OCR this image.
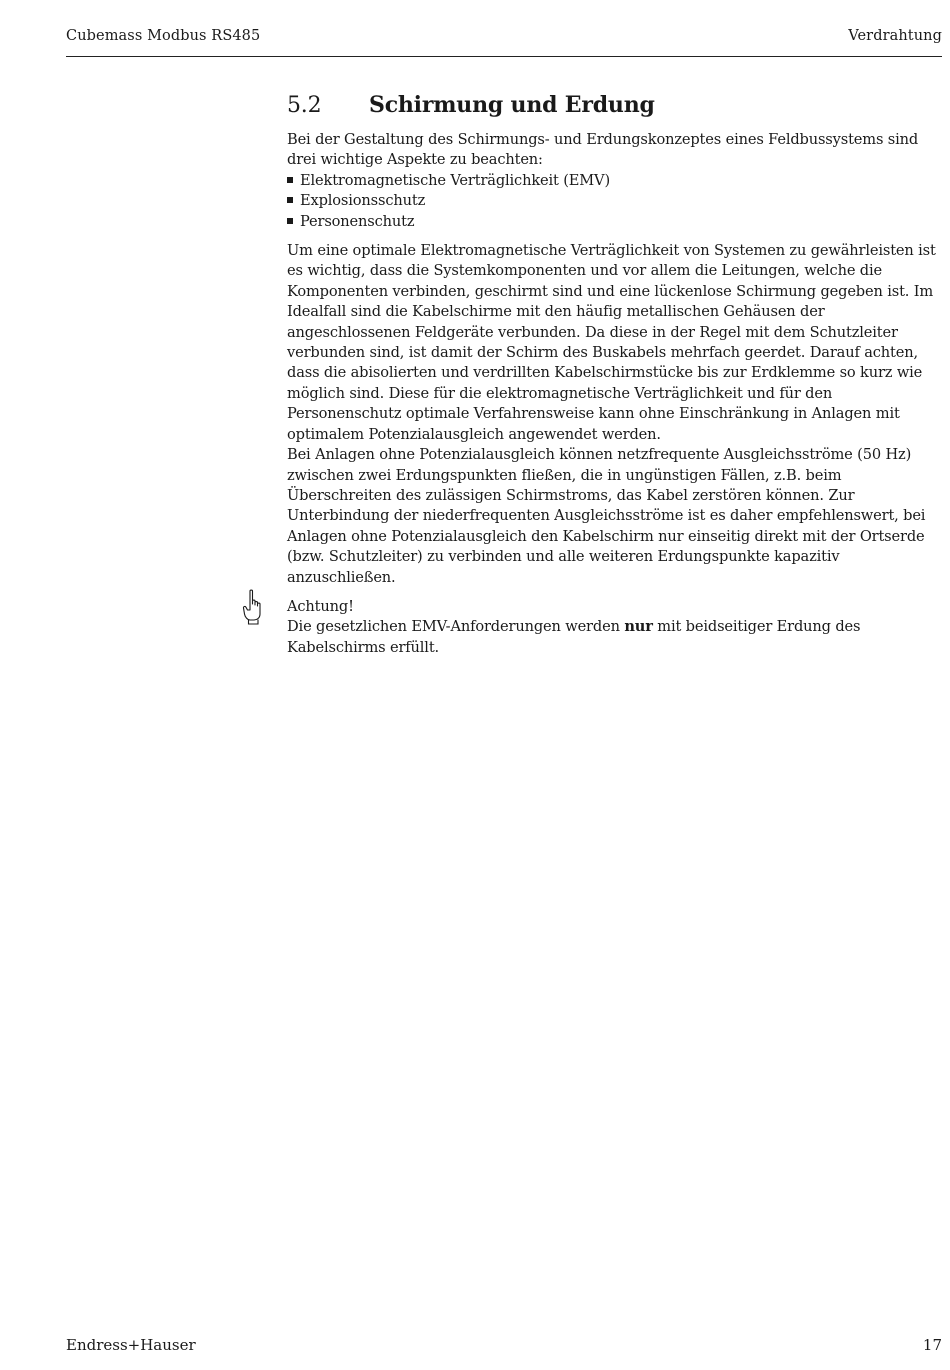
Cubemass Modbus RS485	Verdrahtung
5.2	Schirmung und Erdung

Bei der Gestaltung des Schirmungs- und Erdungskonzeptes eines Feldbussystems sind drei wichtige Aspekte zu beachten:

Elektromagnetische Verträglichkeit (EMV)
Explosionsschutz
Personenschutz

Um eine optimale Elektromagnetische Verträglichkeit von Systemen zu gewährleisten ist es wichtig, dass die Systemkomponenten und vor allem die Leitungen, welche die Komponenten verbinden, geschirmt sind und eine lückenlose Schirmung gegeben ist. Im Idealfall sind die Kabelschirme mit den häufig metallischen Gehäusen der angeschlossenen Feldgeräte verbunden. Da diese in der Regel mit dem Schutzleiter verbunden sind, ist damit der Schirm des Buskabels mehrfach geerdet. Darauf achten, dass die abisolierten und verdrillten Kabelschirmstücke bis zur Erdklemme so kurz wie möglich sind. Diese für die elektromagnetische Verträglichkeit und für den Personenschutz optimale Verfahrensweise kann ohne Einschränkung in Anlagen mit optimalem Potenzialausgleich angewendet werden.

Bei Anlagen ohne Potenzialausgleich können netzfrequente Ausgleichsströme (50 Hz) zwischen zwei Erdungspunkten fließen, die in ungünstigen Fällen, z.B. beim Überschreiten des zulässigen Schirmstroms, das Kabel zerstören können. Zur Unterbindung der niederfrequenten Ausgleichsströme ist es daher empfehlenswert, bei Anlagen ohne Potenzialausgleich den Kabelschirm nur einseitig direkt mit der Ortserde (bzw. Schutzleiter) zu verbinden und alle weiteren Erdungspunkte kapazitiv anzuschließen.

Achtung!

Die gesetzlichen EMV-Anforderungen werden nur mit beidseitiger Erdung des Kabelschirms erfüllt.

Endress+Hauser	17
